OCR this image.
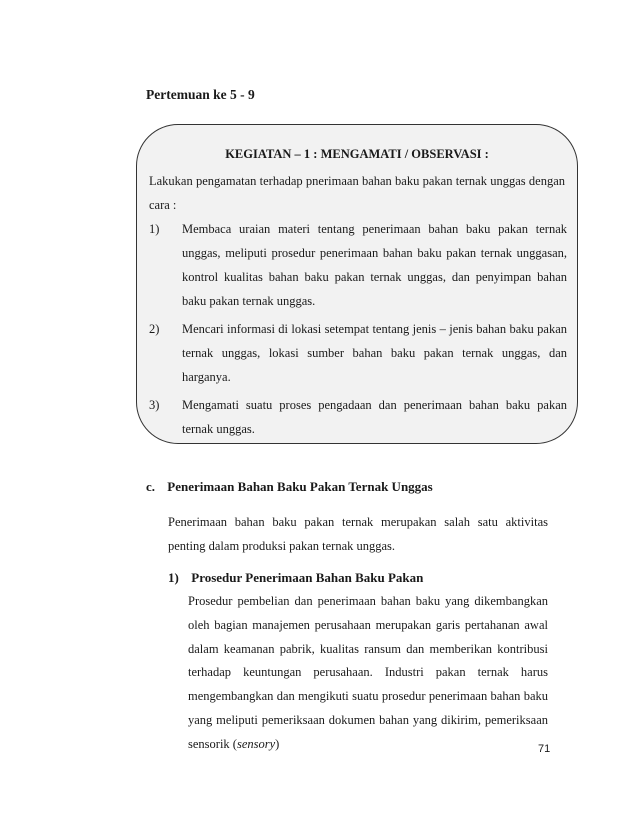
Pertemuan ke 5 - 9
KEGIATAN – 1 : MENGAMATI / OBSERVASI :
Lakukan pengamatan terhadap pnerimaan bahan baku pakan ternak unggas dengan cara :
1) Membaca uraian materi tentang penerimaan bahan baku pakan ternak unggas, meliputi prosedur penerimaan bahan baku pakan ternak unggasan, kontrol kualitas bahan baku pakan ternak unggas, dan penyimpan bahan baku pakan ternak unggas.
2) Mencari informasi di lokasi setempat tentang jenis – jenis bahan baku pakan ternak unggas, lokasi sumber bahan baku pakan ternak unggas, dan harganya.
3) Mengamati suatu proses pengadaan dan penerimaan bahan baku pakan ternak unggas.
c. Penerimaan Bahan Baku Pakan Ternak Unggas
Penerimaan bahan baku pakan ternak merupakan salah satu aktivitas penting dalam produksi pakan ternak unggas.
1) Prosedur Penerimaan Bahan Baku Pakan
Prosedur pembelian dan penerimaan bahan baku yang dikembangkan oleh bagian manajemen perusahaan merupakan garis pertahanan awal dalam keamanan pabrik, kualitas ransum dan memberikan kontribusi terhadap keuntungan perusahaan. Industri pakan ternak harus mengembangkan dan mengikuti suatu prosedur penerimaan bahan baku yang meliputi pemeriksaan dokumen bahan yang dikirim, pemeriksaan sensorik (sensory)	71
